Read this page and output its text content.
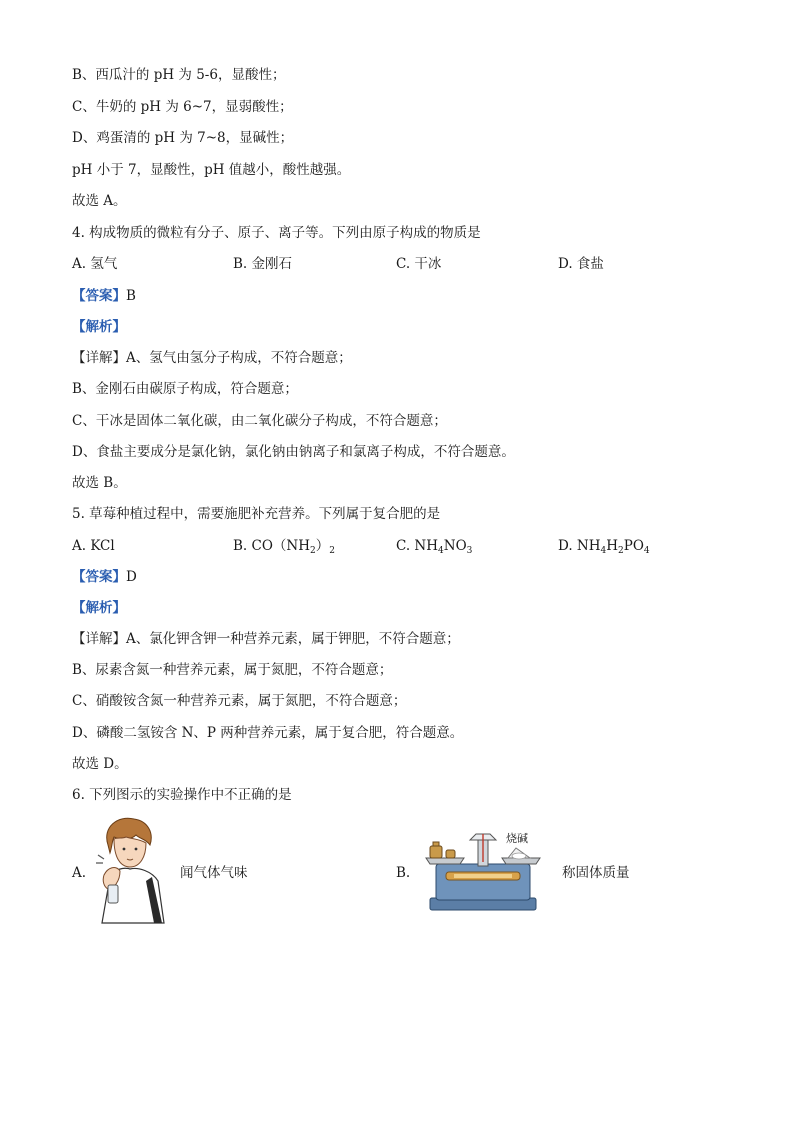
B、西瓜汁的 pH 为 5-6，显酸性；
C、牛奶的 pH 为 6~7，显弱酸性；
D、鸡蛋清的 pH 为 7~8，显碱性；
pH 小于 7，显酸性，pH 值越小，酸性越强。
故选 A。
4. 构成物质的微粒有分子、原子、离子等。下列由原子构成的物质是
A. 氢气	B. 金刚石	C. 干冰	D. 食盐
【答案】B
【解析】
【详解】A、氢气由氢分子构成，不符合题意；
B、金刚石由碳原子构成，符合题意；
C、干冰是固体二氧化碳，由二氧化碳分子构成，不符合题意；
D、食盐主要成分是氯化钠，氯化钠由钠离子和氯离子构成，不符合题意。
故选 B。
5. 草莓种植过程中，需要施肥补充营养。下列属于复合肥的是
A. KCl	B. $CO(NH_2)_2$	C. $NH_4NO_3$	D. $NH_4H_2PO_4$
【答案】D
【解析】
【详解】A、氯化钾含钾一种营养元素，属于钾肥，不符合题意；
B、尿素含氮一种营养元素，属于氮肥，不符合题意；
C、硝酸铵含氮一种营养元素，属于氮肥，不符合题意；
D、磷酸二氢铵含 N、P 两种营养元素，属于复合肥，符合题意。
故选 D。
6. 下列图示的实验操作中不正确的是
A.	闻气体气味	B.
烧碱
称固体质量
